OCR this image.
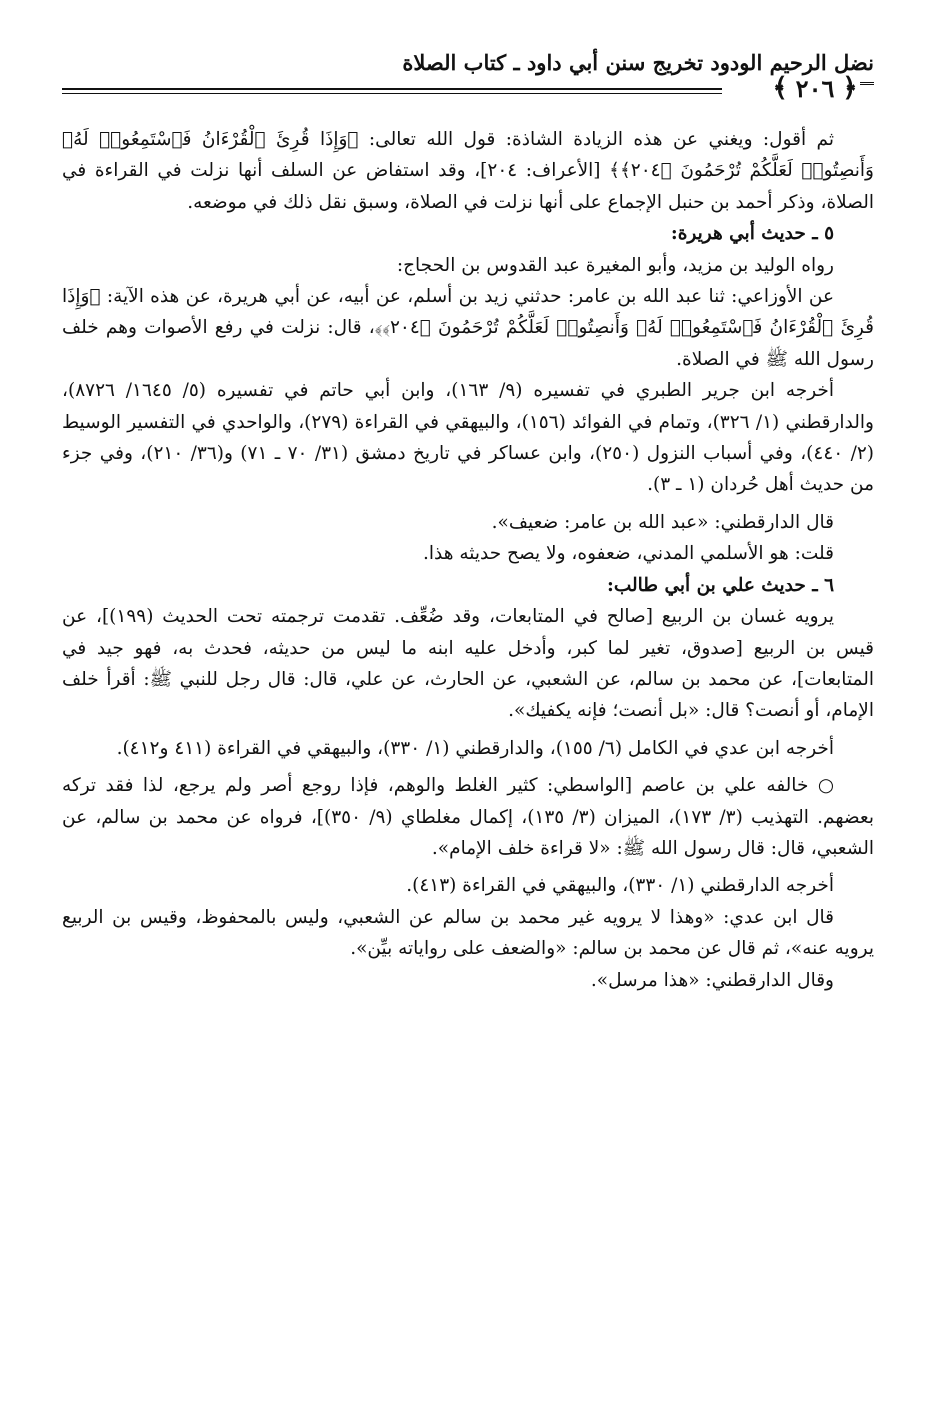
نضل الرحيم الودود تخريج سنن أبي داود ـ كتاب الصلاة
﴿
٢٠٦
﴾

ثم أقول: ويغني عن هذه الزيادة الشاذة: قول الله تعالى: ﴿وَإِذَا قُرِئَ ٱلْقُرْءَانُ فَٱسْتَمِعُوا۟ لَهُۥ وَأَنصِتُوا۟ لَعَلَّكُمْ تُرْحَمُونَ ﴿٢٠٤﴾﴾ [الأعراف: ٢٠٤]، وقد استفاض عن السلف أنها نزلت في القراءة في الصلاة، وذكر أحمد بن حنبل الإجماع على أنها نزلت في الصلاة، وسبق نقل ذلك في موضعه.

٥ ـ حديث أبي هريرة:

رواه الوليد بن مزيد، وأبو المغيرة عبد القدوس بن الحجاج:

عن الأوزاعي: ثنا عبد الله بن عامر: حدثني زيد بن أسلم، عن أبيه، عن أبي هريرة، عن هذه الآية: ﴿وَإِذَا قُرِئَ ٱلْقُرْءَانُ فَٱسْتَمِعُوا۟ لَهُۥ وَأَنصِتُوا۟ لَعَلَّكُمْ تُرْحَمُونَ ﴿٢٠٤﴾﴾، قال: نزلت في رفع الأصوات وهم خلف رسول الله ﷺ في الصلاة.

أخرجه ابن جرير الطبري في تفسيره (٩/ ١٦٣)، وابن أبي حاتم في تفسيره (٥/ ١٦٤٥/ ٨٧٢٦)، والدارقطني (١/ ٣٢٦)، وتمام في الفوائد (١٥٦)، والبيهقي في القراءة (٢٧٩)، والواحدي في التفسير الوسيط (٢/ ٤٤٠)، وفي أسباب النزول (٢٥٠)، وابن عساكر في تاريخ دمشق (٣١/ ٧٠ ـ ٧١) و(٣٦/ ٢١٠)، وفي جزء من حديث أهل حُردان (١ ـ ٣).

قال الدارقطني: «عبد الله بن عامر: ضعيف».

قلت: هو الأسلمي المدني، ضعفوه، ولا يصح حديثه هذا.

٦ ـ حديث علي بن أبي طالب:

يرويه غسان بن الربيع [صالح في المتابعات، وقد ضُعِّف. تقدمت ترجمته تحت الحديث (١٩٩)]، عن قيس بن الربيع [صدوق، تغير لما كبر، وأدخل عليه ابنه ما ليس من حديثه، فحدث به، فهو جيد في المتابعات]، عن محمد بن سالم، عن الشعبي، عن الحارث، عن علي، قال: قال رجل للنبي ﷺ: أقرأ خلف الإمام، أو أنصت؟ قال: «بل أنصت؛ فإنه يكفيك».

أخرجه ابن عدي في الكامل (٦/ ١٥٥)، والدارقطني (١/ ٣٣٠)، والبيهقي في القراءة (٤١١ و٤١٢).

○ خالفه علي بن عاصم [الواسطي: كثير الغلط والوهم، فإذا روجع أصر ولم يرجع، لذا فقد تركه بعضهم. التهذيب (٣/ ١٧٣)، الميزان (٣/ ١٣٥)، إكمال مغلطاي (٩/ ٣٥٠)]، فرواه عن محمد بن سالم، عن الشعبي، قال: قال رسول الله ﷺ: «لا قراءة خلف الإمام».

أخرجه الدارقطني (١/ ٣٣٠)، والبيهقي في القراءة (٤١٣).

قال ابن عدي: «وهذا لا يرويه غير محمد بن سالم عن الشعبي، وليس بالمحفوظ، وقيس بن الربيع يرويه عنه»، ثم قال عن محمد بن سالم: «والضعف على رواياته بيِّن».

وقال الدارقطني: «هذا مرسل».
